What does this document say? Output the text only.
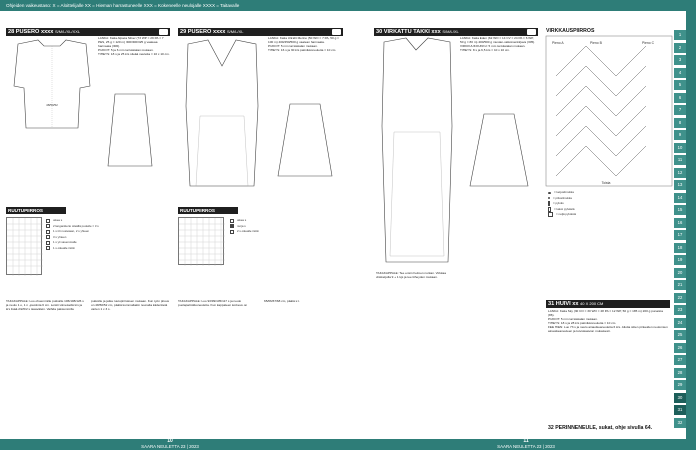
Ohjeiden vaikeustaso: X = Aloittelijalle XX = Hieman harrastuneelle XXX = Kokeneelle neulojalle XXXX = Taitavalle
28 PUSERO xxxx S/M/L/XL/XXL	29 PUSERO xxxx S/M/L/XL	30 VIRKATTU TAKKI xxx S/M/L/XL
48/50/52
LANKA: Katia Alpaca Silver (73 WP = 29 PA = 7 PES, 25 g = 120 m) 300/300/325 g vaaleaa harmaata (306).
PUIKOT: 5 ja 6 mm tai käsialan mukaan.
TIHEYS: 18 s ja 25 krs sileää neuletta = 10 x 10 cm.
RUUTUPIIRROS
oikea s
2 langankierto sileällä puolelle = 3 s
1 s irti nostetaan, 2 s yhteen
3 s yhteen
1 s yli vasemmalle
1 s oikealle ristiin
TAKAKAPPALE: Luo ohuemmille puikoille 106/108/126 s ja neulo 1 o, 1 n -joustinta 6 cm. Loisiti viimeisellä krs ja krs lisää 2/2/0/2 s tasavälein. Vaihda paksummille puikoille ja jatka ruutupiirroksen mukaan. Kun työn pituus on 48/50/52 cm, päätä kummaltakin reunalta kädentietä varten 1 x 3 s.
LANKA: Katia Ultrafit Merino (50 WO = 7 PA, 50 g = 100 m) 400/450/500 g vaalean harmaata.
PUIKOT: 5 mm tai käsialan mukaan.
TIHEYS: 16 s ja 30 krs palmikkoneuletta = 10 cm.
RUUTUPIIRROS
oikea s
nurja s
2 s oikealle ristiin
TAKAKAPPALE: Luo 93/99/105/117 s ja neulo puolapalmikkoneuletta. Kun kappaleen korkeus on 65/66/67/68 cm, päätä s:t.
LANKA: Katia Eden (62 WO = 14 CV = 24 PA = 6 WP, 50 g = 80 m) 400/500 g mustan-valkoinenkirjava (305).
VIRKKUUKOUKKU: 5 mm tai käsialan mukaan.
TIHEYS: 8 s ja 6,5 krs = 10 x 10 cm.
TAKAKAPPALE: Tee ensin helmen nurkan. Virkkaa viisiketjulla 9 + 1 kjs ja tee tiiheyden mukaan.
VIRKKAUSPIIRROS
Pieno A	Pieno B	Pieno C
Toista
= ketjusilmukka
= piilosilmukka
= pylväs
= kaksi pylvästä
= neljä pylvästä
31 HUIVI xx 40 X 200 CM
LANKA: Katia Sky (30 CO = 30 WO = 28 PA = 12 WP, 50 g = 185 m) 200 g punaista (86).
PUIKOT: 5 mm tai käsialan mukaan.
TIHEYS: 18 s ja 28 krs palmikkoneuletta = 10 cm.
FEE HIEN: Luo 73 s ja neulo ainaoikeaneuletta 6 krs. Alioita sitten pinkeiden neulomien ainaoikeaneuleen ja kuviokaavion mukaisesti.
32 PERINNENEULE, sukat, ohje sivulla 64.
1
2
3
4
5
6
7
8
9
10
11
12
13
14
15
16
17
18
19
20
21
22
23
24
25
26
27
28
29
30
31
32
10
SAARA NEULETTA 23 | 2023 SA
11
SAARA NEULETTA 23 | 2023 SA
